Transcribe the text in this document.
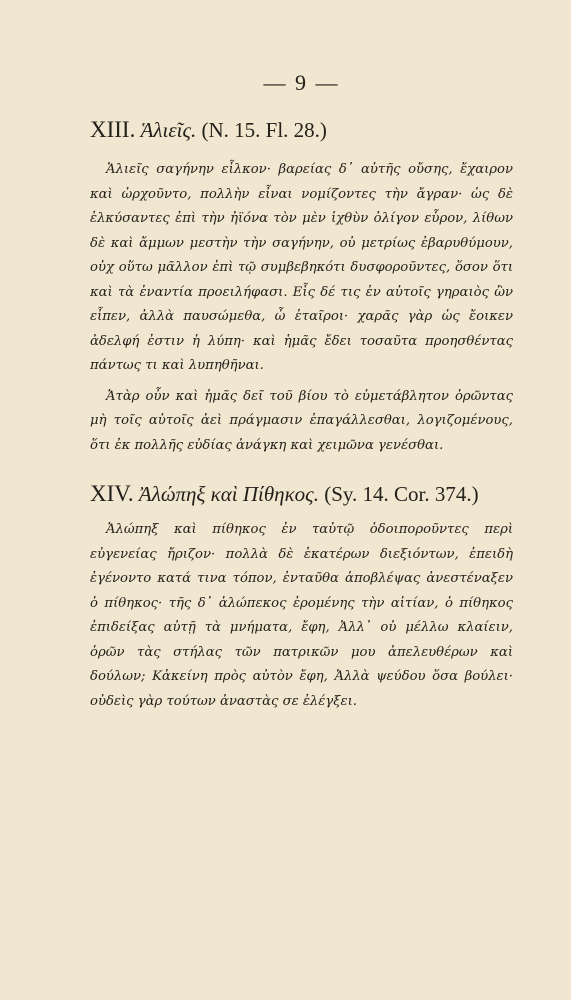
— 9 —
XIII. Ἁλιεῖς. (N. 15. Fl. 28.)

Ἁλιεῖς σαγήνην εἷλκον· βαρείας δ᾽ αὐτῆς οὔσης, ἔχαιρον καὶ ὠρχοῦντο, πολλὴν εἶναι νομίζοντες τὴν ἄγραν· ὡς δὲ ἑλκύσαντες ἐπὶ τὴν ἠϊόνα τὸν μὲν ἰχθὺν ὀλίγον εὗρον, λίθων δὲ καὶ ἄμμων μεστὴν τὴν σαγήνην, οὐ μετρίως ἐβαρυθύμουν, οὐχ οὕτω μᾶλλον ἐπὶ τῷ συμβεβηκότι δυσφοροῦντες, ὅσον ὅτι καὶ τὰ ἐναντία προειλήφασι. Εἷς δέ τις ἐν αὐτοῖς γηραιὸς ὢν εἶπεν, ἀλλὰ παυσώμεθα, ὦ ἑταῖροι· χαρᾶς γὰρ ὡς ἔοικεν ἀδελφή ἐστιν ἡ λύπη· καὶ ἡμᾶς ἔδει τοσαῦτα προησθέντας πάντως τι καὶ λυπηθῆναι.

Ἀτὰρ οὖν καὶ ἡμᾶς δεῖ τοῦ βίου τὸ εὐμετάβλητον ὁρῶντας μὴ τοῖς αὐτοῖς ἀεὶ πράγμασιν ἐπαγάλλεσθαι, λογιζομένους, ὅτι ἐκ πολλῆς εὐδίας ἀνάγκη καὶ χειμῶνα γενέσθαι.

XIV. Ἀλώπηξ καὶ Πίθηκος. (Sy. 14. Cor. 374.)

Ἀλώπηξ καὶ πίθηκος ἐν ταὐτῷ ὁδοιποροῦντες περὶ εὐγενείας ἤριζον· πολλὰ δὲ ἑκατέρων διεξιόντων, ἐπειδὴ ἐγένοντο κατά τινα τόπον, ἐνταῦθα ἀποβλέψας ἀνεστέναξεν ὁ πίθηκος· τῆς δ᾽ ἀλώπεκος ἐρομένης τὴν αἰτίαν, ὁ πίθηκος ἐπιδείξας αὐτῇ τὰ μνήματα, ἔφη, Ἀλλ᾽ οὐ μέλλω κλαίειν, ὁρῶν τὰς στήλας τῶν πατρικῶν μου ἀπελευθέρων καὶ δούλων; Κἀκείνη πρὸς αὐτὸν ἔφη, Ἀλλὰ ψεύδου ὅσα βούλει· οὐδεὶς γὰρ τούτων ἀναστὰς σε ἐλέγξει.
